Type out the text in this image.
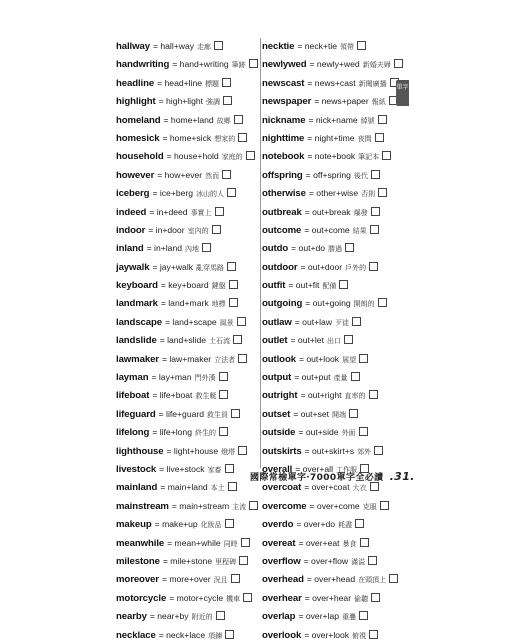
hallway = hall+way 走廊
handwriting = hand+writing 筆跡
headline = head+line 標題
highlight = high+light 強調
homeland = home+land 故鄉
homesick = home+sick 想家的
household = house+hold 家庭的
however = how+ever 然而
iceberg = ice+berg 冰山的人
indeed = in+deed 事實上
indoor = in+door 室內的
inland = in+land 內地
jaywalk = jay+walk 亂穿馬路
keyboard = key+board 鍵盤
landmark = land+mark 地標
landscape = land+scape 風景
landslide = land+slide 土石流
lawmaker = law+maker 立法者
layman = lay+man 門外漢
lifeboat = life+boat 救生艇
lifeguard = life+guard 救生員
lifelong = life+long 終生的
lighthouse = light+house 燈塔
livestock = live+stock 家畜
mainland = main+land 本土
mainstream = main+stream 主流
makeup = make+up 化妝品
meanwhile = mean+while 同時
milestone = mile+stone 里程碑
moreover = more+over 況且
motorcycle = motor+cycle 機車
nearby = near+by 附近的
necklace = neck+lace 項鍊
necktie = neck+tie 領帶
newlywed = newly+wed 新婚夫婦
newscast = news+cast 新聞廣播
newspaper = news+paper 報紙
nickname = nick+name 綽號
nighttime = night+time 夜間
notebook = note+book 筆記本
offspring = off+spring 後代
otherwise = other+wise 否則
outbreak = out+break 爆發
outcome = out+come 結果
outdo = out+do 勝過
outdoor = out+door 戶外的
outfit = out+fit 配備
outgoing = out+going 開朗的
outlaw = out+law 歹徒
outlet = out+let 出口
outlook = out+look 展望
output = out+put 產量
outright = out+right 直率的
outset = out+set 開端
outside = out+side 外面
outskirts = out+skirt+s 郊外
overall = over+all 工作服
overcoat = over+coat 大衣
overcome = over+come 克服
overdo = over+do 耗盡
overeat = over+eat 暴食
overflow = over+flow 滿溢
overhead = over+head 在頭頂上
overhear = over+hear 偷聽
overlap = over+lap 重疊
overlook = over+look 俯視
單字
國際常檢單字‧7000單字全必讀 .31.
